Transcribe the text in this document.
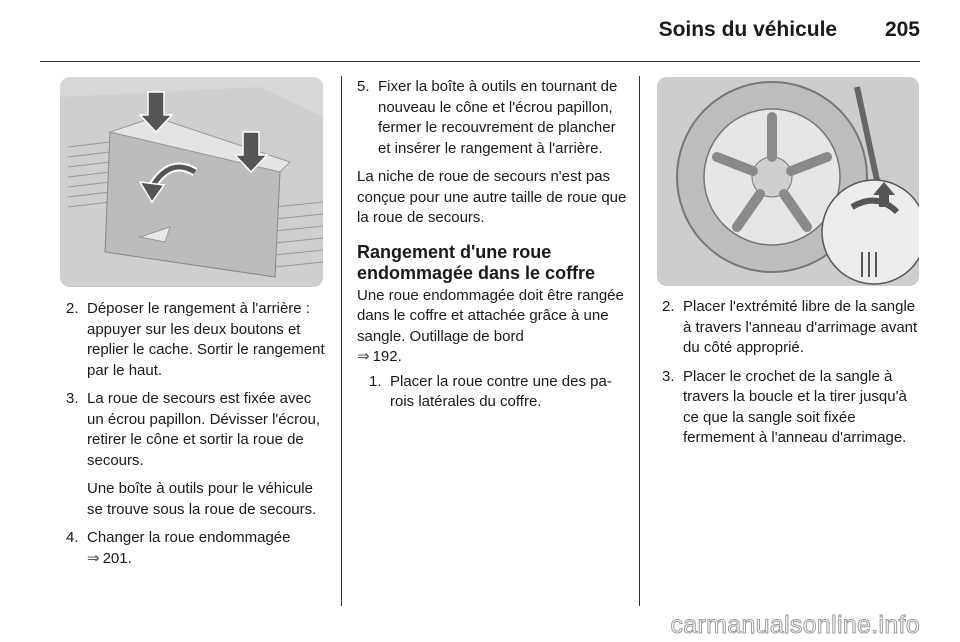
Soins du véhicule 205
2. Déposer le rangement à l'arrière : appuyer sur les deux boutons et replier le cache. Sortir le rangement par le haut.

3. La roue de secours est fixée avec un écrou papillon. Dévisser l'écrou, retirer le cône et sortir la roue de secours.

Une boîte à outils pour le véhicule se trouve sous la roue de secours.

4. Changer la roue endommagée
⇒ 201.

5. Fixer la boîte à outils en tournant de nouveau le cône et l'écrou papillon, fermer le recouvrement de plancher et insérer le rangement à l'arrière.

La niche de roue de secours n'est pas conçue pour une autre taille de roue que la roue de secours.

Rangement d'une roue endommagée dans le coffre

Une roue endommagée doit être rangée dans le coffre et attachée grâce à une sangle. Outillage de bord
⇒ 192.

1. Placer la roue contre une des parois latérales du coffre.

2. Placer l'extrémité libre de la sangle à travers l'anneau d'arrimage avant du côté approprié.

3. Placer le crochet de la sangle à travers la boucle et la tirer jusqu'à ce que la sangle soit fixée fermement à l'anneau d'arrimage.

carmanualsonline.info
